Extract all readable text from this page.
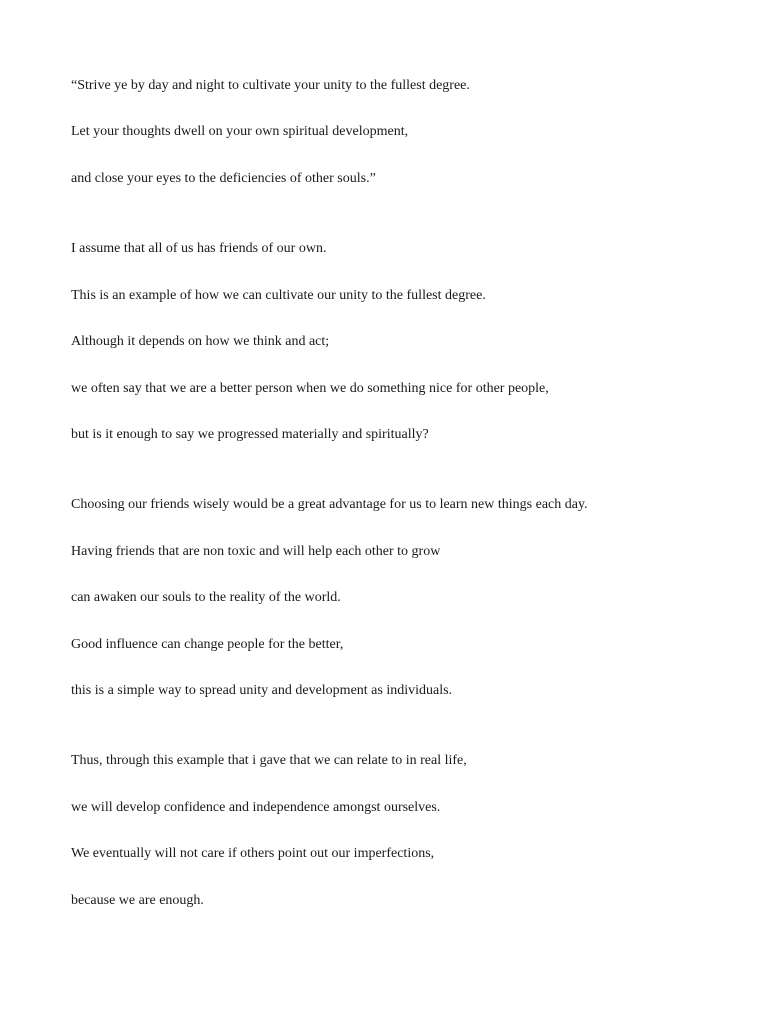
“Strive ye by day and night to cultivate your unity to the fullest degree.

Let your thoughts dwell on your own spiritual development,

and close your eyes to the deficiencies of other souls.”

I assume that all of us has friends of our own.

This is an example of how we can cultivate our unity to the fullest degree.

Although it depends on how we think and act;

we often say that we are a better person when we do something nice for other people,

but is it enough to say we progressed materially and spiritually?

Choosing our friends wisely would be a great advantage for us to learn new things each day.

Having friends that are non toxic and will help each other to grow

can awaken our souls to the reality of the world.

Good influence can change people for the better,

this is a simple way to spread unity and development as individuals.

Thus, through this example that i gave that we can relate to in real life,

we will develop confidence and independence amongst ourselves.

We eventually will not care if others point out our imperfections,

because we are enough.
